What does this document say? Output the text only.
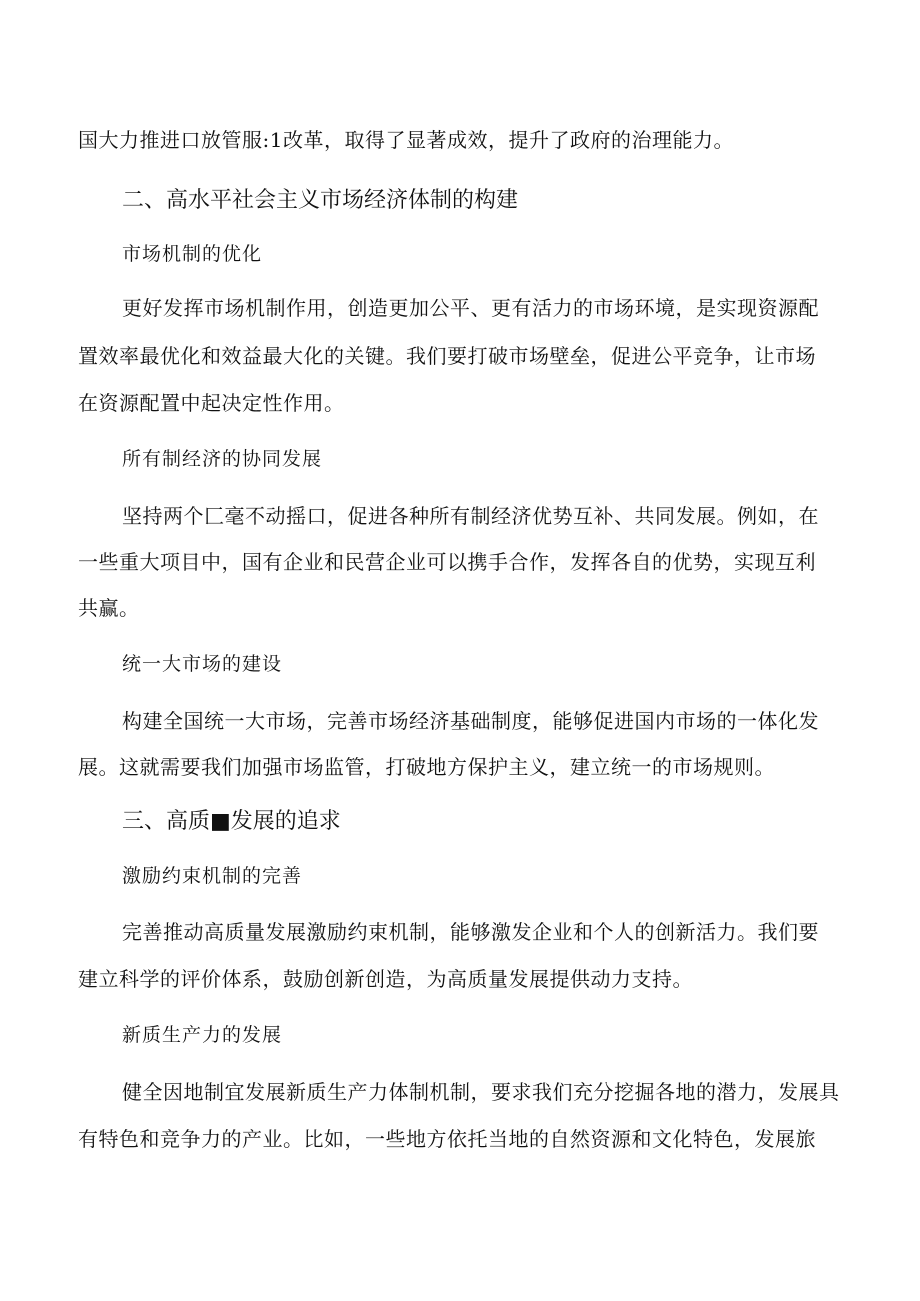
国大力推进口放管服:1改革，取得了显著成效，提升了政府的治理能力。

二、高水平社会主义市场经济体制的构建

市场机制的优化

更好发挥市场机制作用，创造更加公平、更有活力的市场环境，是实现资源配

置效率最优化和效益最大化的关键。我们要打破市场壁垒，促进公平竞争，让市场

在资源配置中起决定性作用。

所有制经济的协同发展

坚持两个匚毫不动摇口，促进各种所有制经济优势互补、共同发展。例如，在

一些重大项目中，国有企业和民营企业可以携手合作，发挥各自的优势，实现互利

共赢。

统一大市场的建设

构建全国统一大市场，完善市场经济基础制度，能够促进国内市场的一体化发

展。这就需要我们加强市场监管，打破地方保护主义，建立统一的市场规则。

三、高质■发展的追求

激励约束机制的完善

完善推动高质量发展激励约束机制，能够激发企业和个人的创新活力。我们要

建立科学的评价体系，鼓励创新创造，为高质量发展提供动力支持。

新质生产力的发展

健全因地制宜发展新质生产力体制机制，要求我们充分挖掘各地的潜力，发展具

有特色和竞争力的产业。比如，一些地方依托当地的自然资源和文化特色，发展旅
